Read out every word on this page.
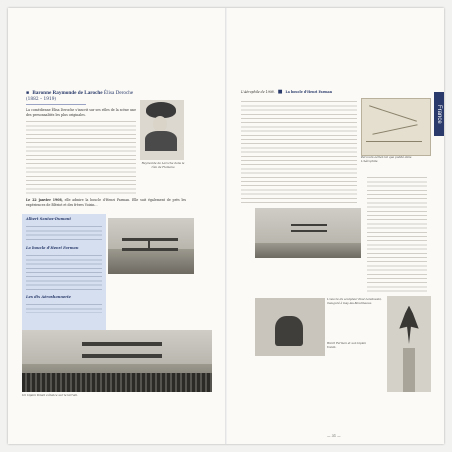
■ Baronne Raymonde de Laroche Élisa Deroche
(1882 – 1919)

La comédienne Élisa Deroche s'inscrit sur ses rôles de la scène une des personnalités les plus originales.

Raymonde de Laroche dans le rôle de Fiamena
Le 22 janvier 1908, elle admire la boucle d'Henri Farman. Elle suit également de près les expériences de Blériot et des frères Voisin…
Albert Santos-Dumont
La boucle d'Henri Farman
Les dix Aéroshonnerie
Un biplan Voisin s'élance sur le terrain.
L'Aérophile de 1908. ■ La boucle d'Henri Farman
Parcours aérien tel que publié dans L'Aérophile.
France
Henri Farman et son biplan Voisin.
L'œuvre du sculpteur Paul Landowski, inauguré à Issy-les-Moulineaux.
— 31 —
